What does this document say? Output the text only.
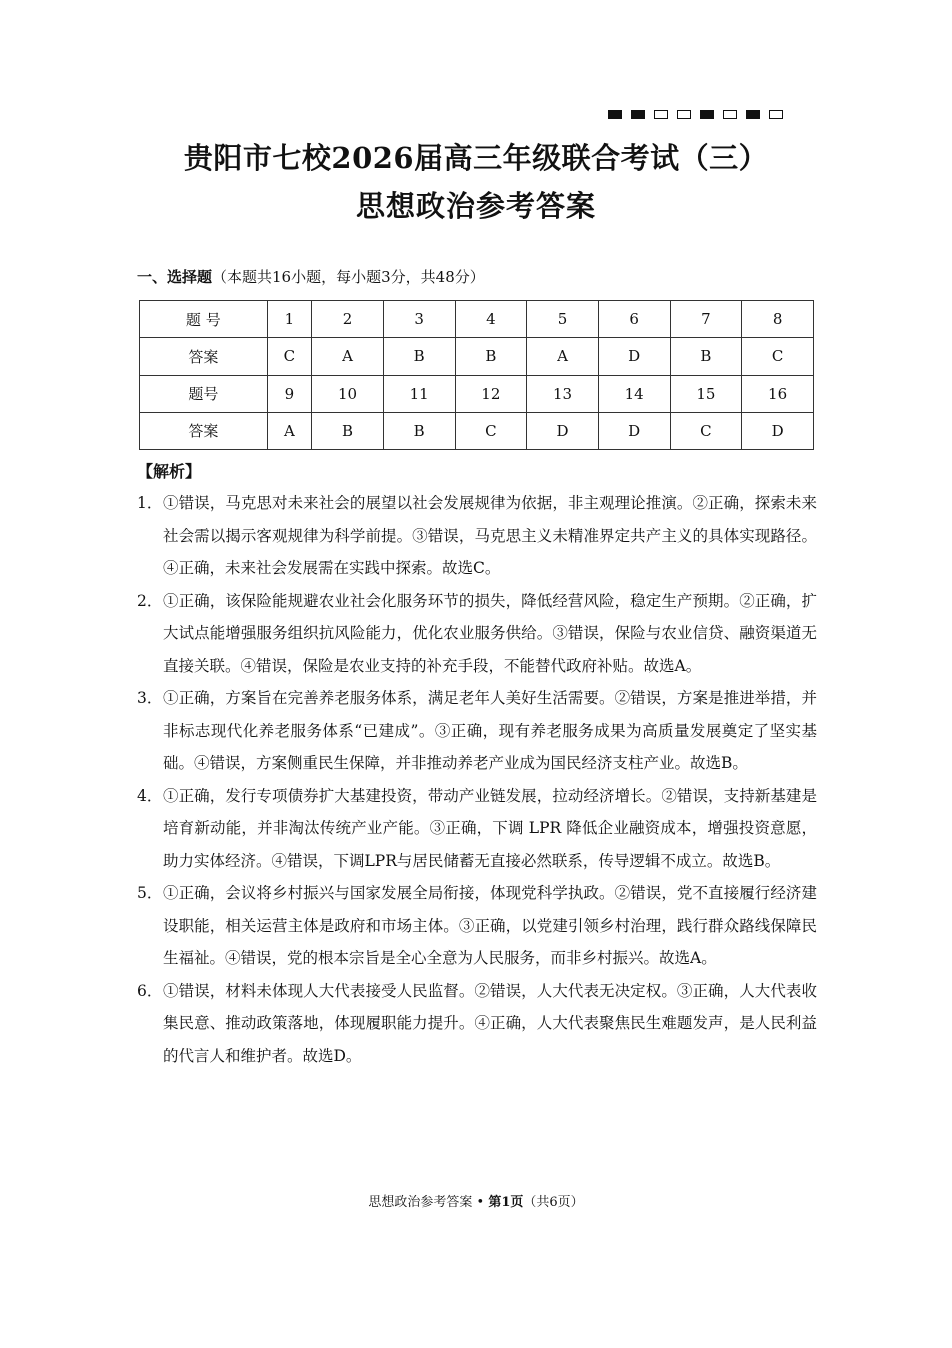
贵阳市七校2026届高三年级联合考试（三）
思想政治参考答案
一、选择题（本题共16小题，每小题3分，共48分）
题 号	1	2	3	4	5	6	7	8
答案	C	A	B	B	A	D	B	C
题号	9	10	11	12	13	14	15	16
答案	A	B	B	C	D	D	C	D
【解析】
1． ①错误，马克思对未来社会的展望以社会发展规律为依据，非主观理论推演。②正确，探索未来社会需以揭示客观规律为科学前提。③错误，马克思主义未精准界定共产主义的具体实现路径。④正确，未来社会发展需在实践中探索。故选C。
2． ①正确，该保险能规避农业社会化服务环节的损失，降低经营风险，稳定生产预期。②正确，扩大试点能增强服务组织抗风险能力，优化农业服务供给。③错误，保险与农业信贷、融资渠道无直接关联。④错误，保险是农业支持的补充手段，不能替代政府补贴。故选A。
3． ①正确，方案旨在完善养老服务体系，满足老年人美好生活需要。②错误，方案是推进举措，并非标志现代化养老服务体系“已建成”。③正确，现有养老服务成果为高质量发展奠定了坚实基础。④错误，方案侧重民生保障，并非推动养老产业成为国民经济支柱产业。故选B。
4． ①正确，发行专项债券扩大基建投资，带动产业链发展，拉动经济增长。②错误，支持新基建是培育新动能，并非淘汰传统产业产能。③正确，下调 LPR 降低企业融资成本，增强投资意愿，助力实体经济。④错误，下调LPR与居民储蓄无直接必然联系，传导逻辑不成立。故选B。
5． ①正确，会议将乡村振兴与国家发展全局衔接，体现党科学执政。②错误，党不直接履行经济建设职能，相关运营主体是政府和市场主体。③正确，以党建引领乡村治理，践行群众路线保障民生福祉。④错误，党的根本宗旨是全心全意为人民服务，而非乡村振兴。故选A。
6． ①错误，材料未体现人大代表接受人民监督。②错误，人大代表无决定权。③正确，人大代表收集民意、推动政策落地，体现履职能力提升。④正确，人大代表聚焦民生难题发声，是人民利益的代言人和维护者。故选D。
思想政治参考答案 • 第1页（共6页）
